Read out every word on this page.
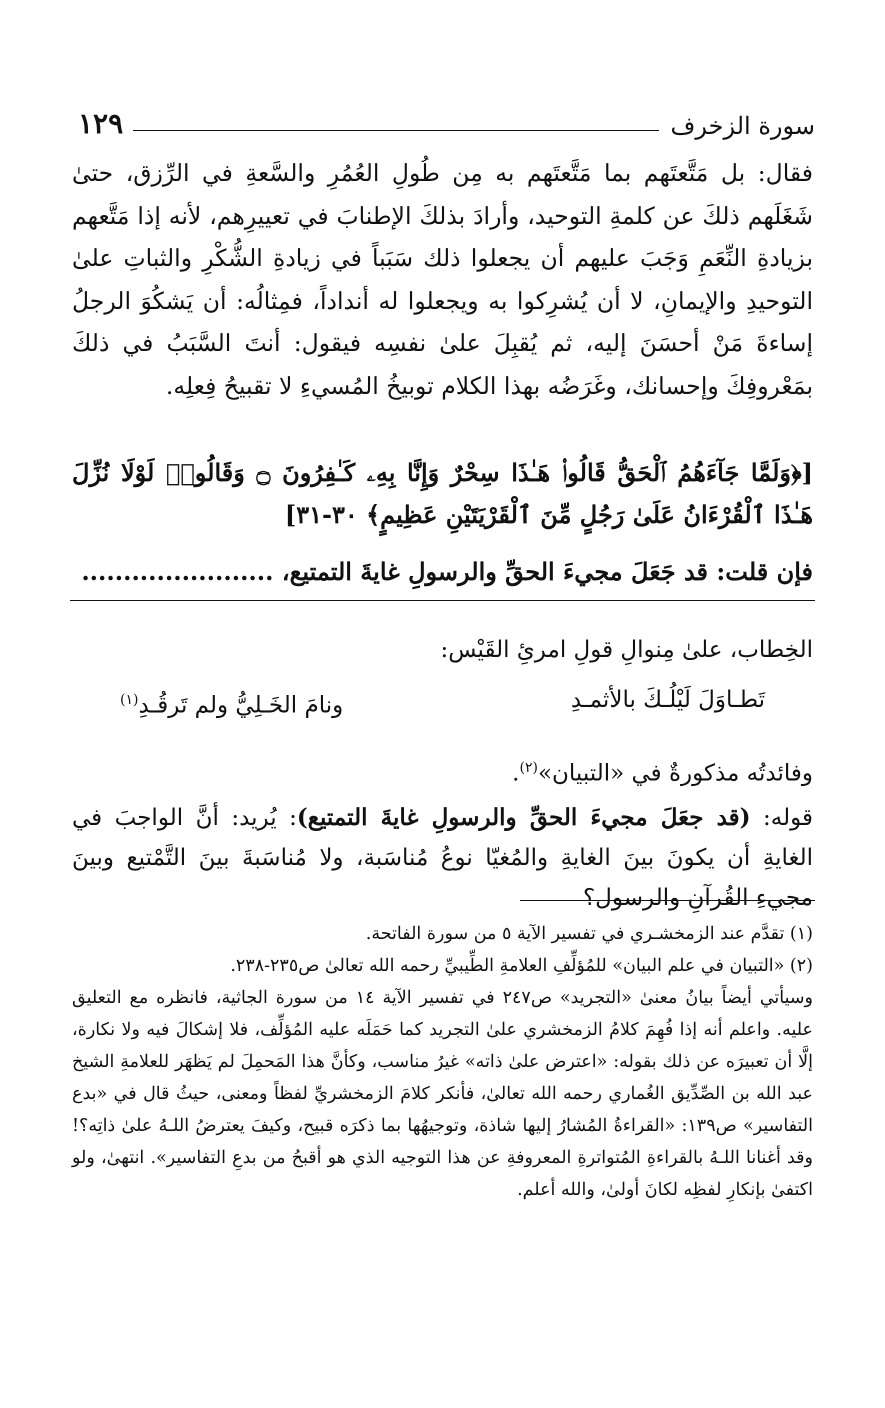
سورة الزخرف
١٢٩
فقال: بل مَتَّعتَهم بما مَتَّعتَهم به مِن طُولِ العُمُرِ والسَّعةِ في الرِّزق، حتىٰ شَغَلَهم ذلكَ عن كلمةِ التوحيد، وأرادَ بذلكَ الإطنابَ في تعييرِهم، لأنه إذا مَتَّعهم بزيادةِ النِّعَمِ وَجَبَ عليهم أن يجعلوا ذلك سَبَباً في زيادةِ الشُّكْرِ والثباتِ علىٰ التوحيدِ والإيمانِ، لا أن يُشرِكوا به ويجعلوا له أنداداً، فمِثالُه: أن يَشكُوَ الرجلُ إساءةَ مَنْ أحسَنَ إليه، ثم يُقبِلَ علىٰ نفسِه فيقول: أنتَ السَّبَبُ في ذلكَ بمَعْروفِكَ وإحسانك، وغَرَضُه بهذا الكلام توبيخُ المُسيءِ لا تقبيحُ فِعلِه.
[﴿وَلَمَّا جَآءَهُمُ ٱلْحَقُّ قَالُوا۟ هَـٰذَا سِحْرٌ وَإِنَّا بِهِۦ كَـٰفِرُونَ ۝ وَقَالُوا۟ لَوْلَا نُزِّلَ هَـٰذَا ٱلْقُرْءَانُ عَلَىٰ رَجُلٍ مِّنَ ٱلْقَرْيَتَيْنِ عَظِيمٍ﴾ ٣٠-٣١]
فإن قلت: قد جَعَلَ مجيءَ الحقِّ والرسولِ غايةَ التمتيع، .......................
الخِطاب، علىٰ مِنوالِ قولِ امرئِ القَيْس:
تَطـاوَلَ لَيْلُـكَ بالأثمـدِ
ونامَ الخَـلِيُّ ولم تَرقُـدِ$^{(١)}$
وفائدتُه مذكورةٌ في «التبيان»$^{(٢)}$.
قوله: (قد جعَلَ مجيءَ الحقِّ والرسولِ غايةَ التمتيع): يُريد: أنَّ الواجبَ في الغايةِ أن يكونَ بينَ الغايةِ والمُغيّا نوعُ مُناسَبة، ولا مُناسَبةَ بينَ التَّمْتيع وبينَ مجيءِ القُرآنِ والرسول؟

(١) تقدَّم عند الزمخشـري في تفسير الآية ٥ من سورة الفاتحة.

(٢) «التبيان في علم البيان» للمُؤلِّفِ العلامةِ الطِّيبيِّ رحمه الله تعالىٰ ص٢٣٥-٢٣٨.

وسيأتي أيضاً بيانُ معنىٰ «التجريد» ص٢٤٧ في تفسير الآية ١٤ من سورة الجاثية، فانظره مع التعليق عليه. واعلم أنه إذا فُهِمَ كلامُ الزمخشري علىٰ التجريد كما حَمَلَه عليه المُؤلِّف، فلا إشكالَ فيه ولا نكارة، إلَّا أن تعبيرَه عن ذلك بقوله: «اعترض علىٰ ذاته» غيرُ مناسب، وكأنَّ هذا المَحمِلَ لم يَظهَر للعلامةِ الشيخ عبد الله بن الصِّدِّيق الغُماري رحمه الله تعالىٰ، فأنكر كلامَ الزمخشريِّ لفظاً ومعنى، حيثُ قال في «بدع التفاسير» ص١٣٩: «القراءةُ المُشارُ إليها شاذة، وتوجيهُها بما ذكرَه قبيح، وكيفَ يعترضُ اللـهُ علىٰ ذاتِه؟! وقد أغنانا اللـهُ بالقراءةِ المُتواترةِ المعروفةِ عن هذا التوجيه الذي هو أقبحُ من بدعِ التفاسير». انتهىٰ، ولو اكتفىٰ بإنكارِ لفظِه لكانَ أولىٰ، والله أعلم.
